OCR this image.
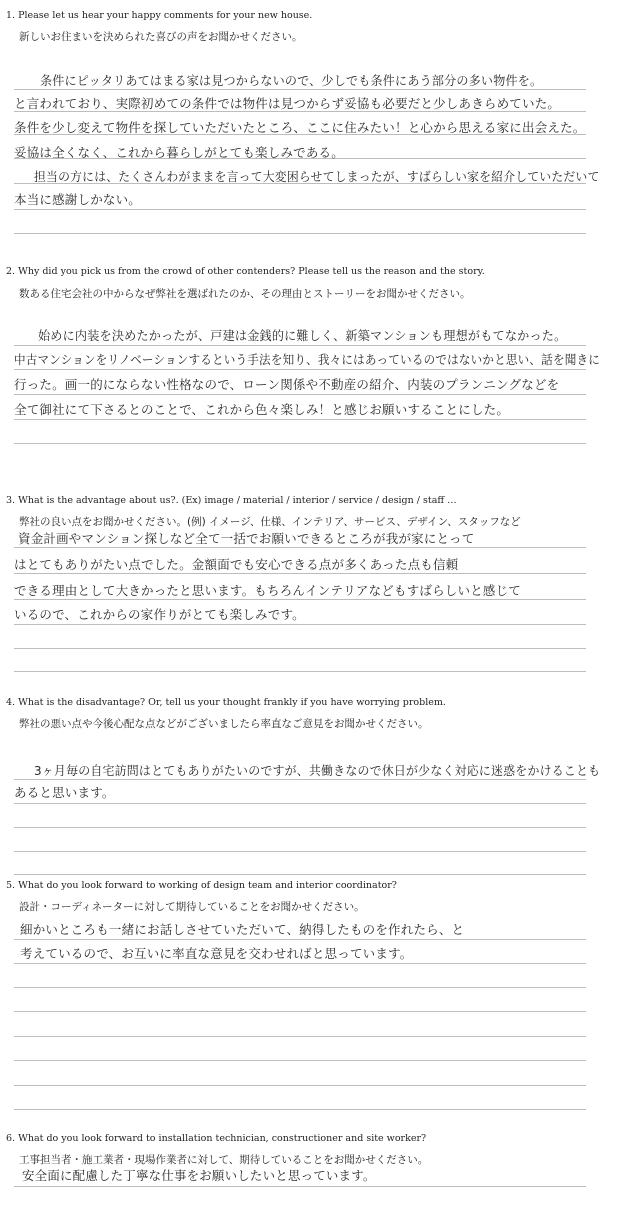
1. Please let us hear your happy comments for your new house.
新しいお住まいを決められた喜びの声をお聞かせください。
条件にピッタリあてはまる家は見つからないので、少しでも条件にあう部分の多い物件を。
と言われており、実際初めての条件では物件は見つからず妥協も必要だと少しあきらめていた。
条件を少し変えて物件を探していただいたところ、ここに住みたい！と心から思える家に出会えた。
妥協は全くなく、これから暮らしがとても楽しみである。
担当の方には、たくさんわがままを言って大変困らせてしまったが、すばらしい家を紹介していただいて
本当に感謝しかない。
2. Why did you pick us from the crowd of other contenders? Please tell us the reason and the story.
数ある住宅会社の中からなぜ弊社を選ばれたのか、その理由とストーリーをお聞かせください。
始めに内装を決めたかったが、戸建は金銭的に難しく、新築マンションも理想がもてなかった。
中古マンションをリノベーションするという手法を知り、我々にはあっているのではないかと思い、話を聞きに
行った。画一的にならない性格なので、ローン関係や不動産の紹介、内装のプランニングなどを
全て御社にて下さるとのことで、これから色々楽しみ！と感じお願いすることにした。
3. What is the advantage about us?. (Ex) image / material / interior / service / design / staff …
弊社の良い点をお聞かせください。(例) イメージ、仕様、インテリア、サービス、デザイン、スタッフなど
資金計画やマンション探しなど全て一括でお願いできるところが我が家にとって
はとてもありがたい点でした。金額面でも安心できる点が多くあった点も信頼
できる理由として大きかったと思います。もちろんインテリアなどもすばらしいと感じて
いるので、これからの家作りがとても楽しみです。
4. What is the disadvantage? Or, tell us your thought frankly if you have worrying problem.
弊社の悪い点や今後心配な点などがございましたら率直なご意見をお聞かせください。
3ヶ月毎の自宅訪問はとてもありがたいのですが、共働きなので休日が少なく対応に迷惑をかけることも
あると思います。
5. What do you look forward to working of design team and interior coordinator?
設計・コーディネーターに対して期待していることをお聞かせください。
細かいところも一緒にお話しさせていただいて、納得したものを作れたら、と
考えているので、お互いに率直な意見を交わせればと思っています。
6. What do you look forward to installation technician, constructioner and site worker?
工事担当者・施工業者・現場作業者に対して、期待していることをお聞かせください。
安全面に配慮した丁寧な仕事をお願いしたいと思っています。
